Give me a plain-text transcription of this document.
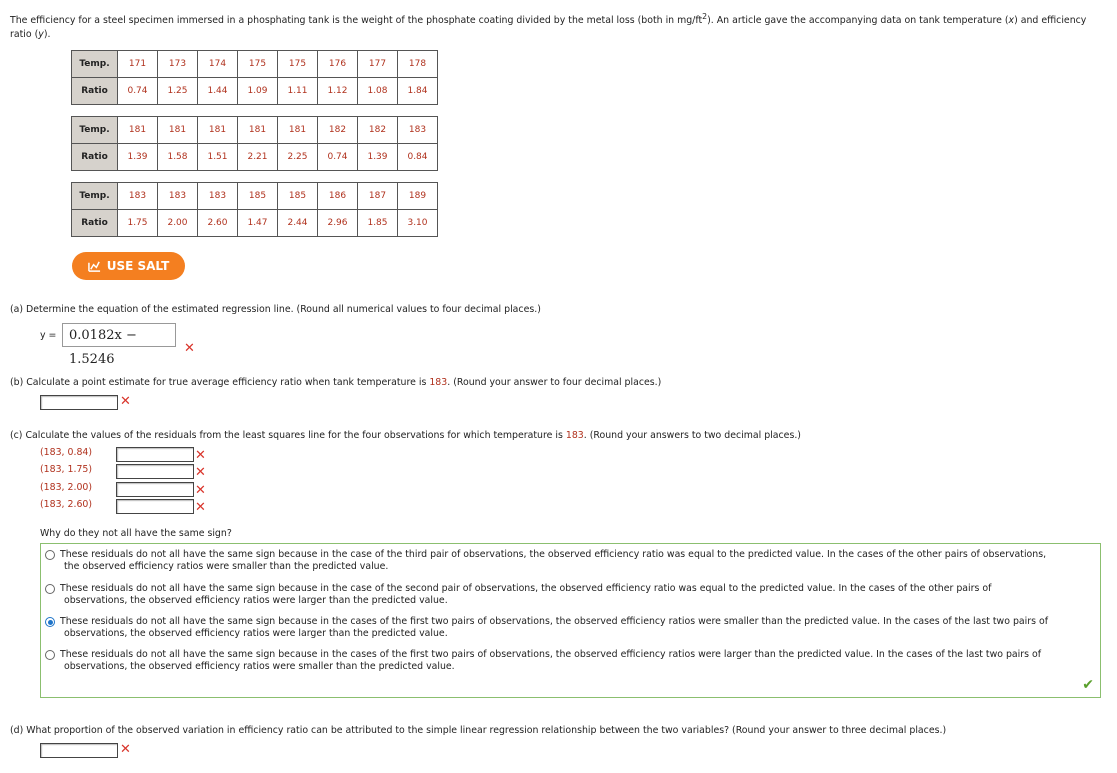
The efficiency for a steel specimen immersed in a phosphating tank is the weight of the phosphate coating divided by the metal loss (both in $mg/ft^2$). An article gave the accompanying data on tank temperature (x) and efficiency ratio (y).
Temp.	171	173	174	175	175	176	177	178
Ratio	0.74	1.25	1.44	1.09	1.11	1.12	1.08	1.84
Temp.	181	181	181	181	181	182	182	183
Ratio	1.39	1.58	1.51	2.21	2.25	0.74	1.39	0.84
Temp.	183	183	183	185	185	186	187	189
Ratio	1.75	2.00	2.60	1.47	2.44	2.96	1.85	3.10
USE SALT
(a) Determine the equation of the estimated regression line. (Round all numerical values to four decimal places.)
y = 0.0182x − 1.5246
✕
(b) Calculate a point estimate for true average efficiency ratio when tank temperature is 183. (Round your answer to four decimal places.)
✕
(c) Calculate the values of the residuals from the least squares line for the four observations for which temperature is 183. (Round your answers to two decimal places.)
(183, 0.84)	✕
(183, 1.75)	✕
(183, 2.00)	✕
(183, 2.60)	✕
Why do they not all have the same sign?
These residuals do not all have the same sign because in the case of the third pair of observations, the observed efficiency ratio was equal to the predicted value. In the cases of the other pairs of observations,
the observed efficiency ratios were smaller than the predicted value.
These residuals do not all have the same sign because in the case of the second pair of observations, the observed efficiency ratio was equal to the predicted value. In the cases of the other pairs of
observations, the observed efficiency ratios were larger than the predicted value.
These residuals do not all have the same sign because in the cases of the first two pairs of observations, the observed efficiency ratios were smaller than the predicted value. In the cases of the last two pairs of
observations, the observed efficiency ratios were larger than the predicted value.
These residuals do not all have the same sign because in the cases of the first two pairs of observations, the observed efficiency ratios were larger than the predicted value. In the cases of the last two pairs of
observations, the observed efficiency ratios were smaller than the predicted value.
✔
(d) What proportion of the observed variation in efficiency ratio can be attributed to the simple linear regression relationship between the two variables? (Round your answer to three decimal places.)
✕
